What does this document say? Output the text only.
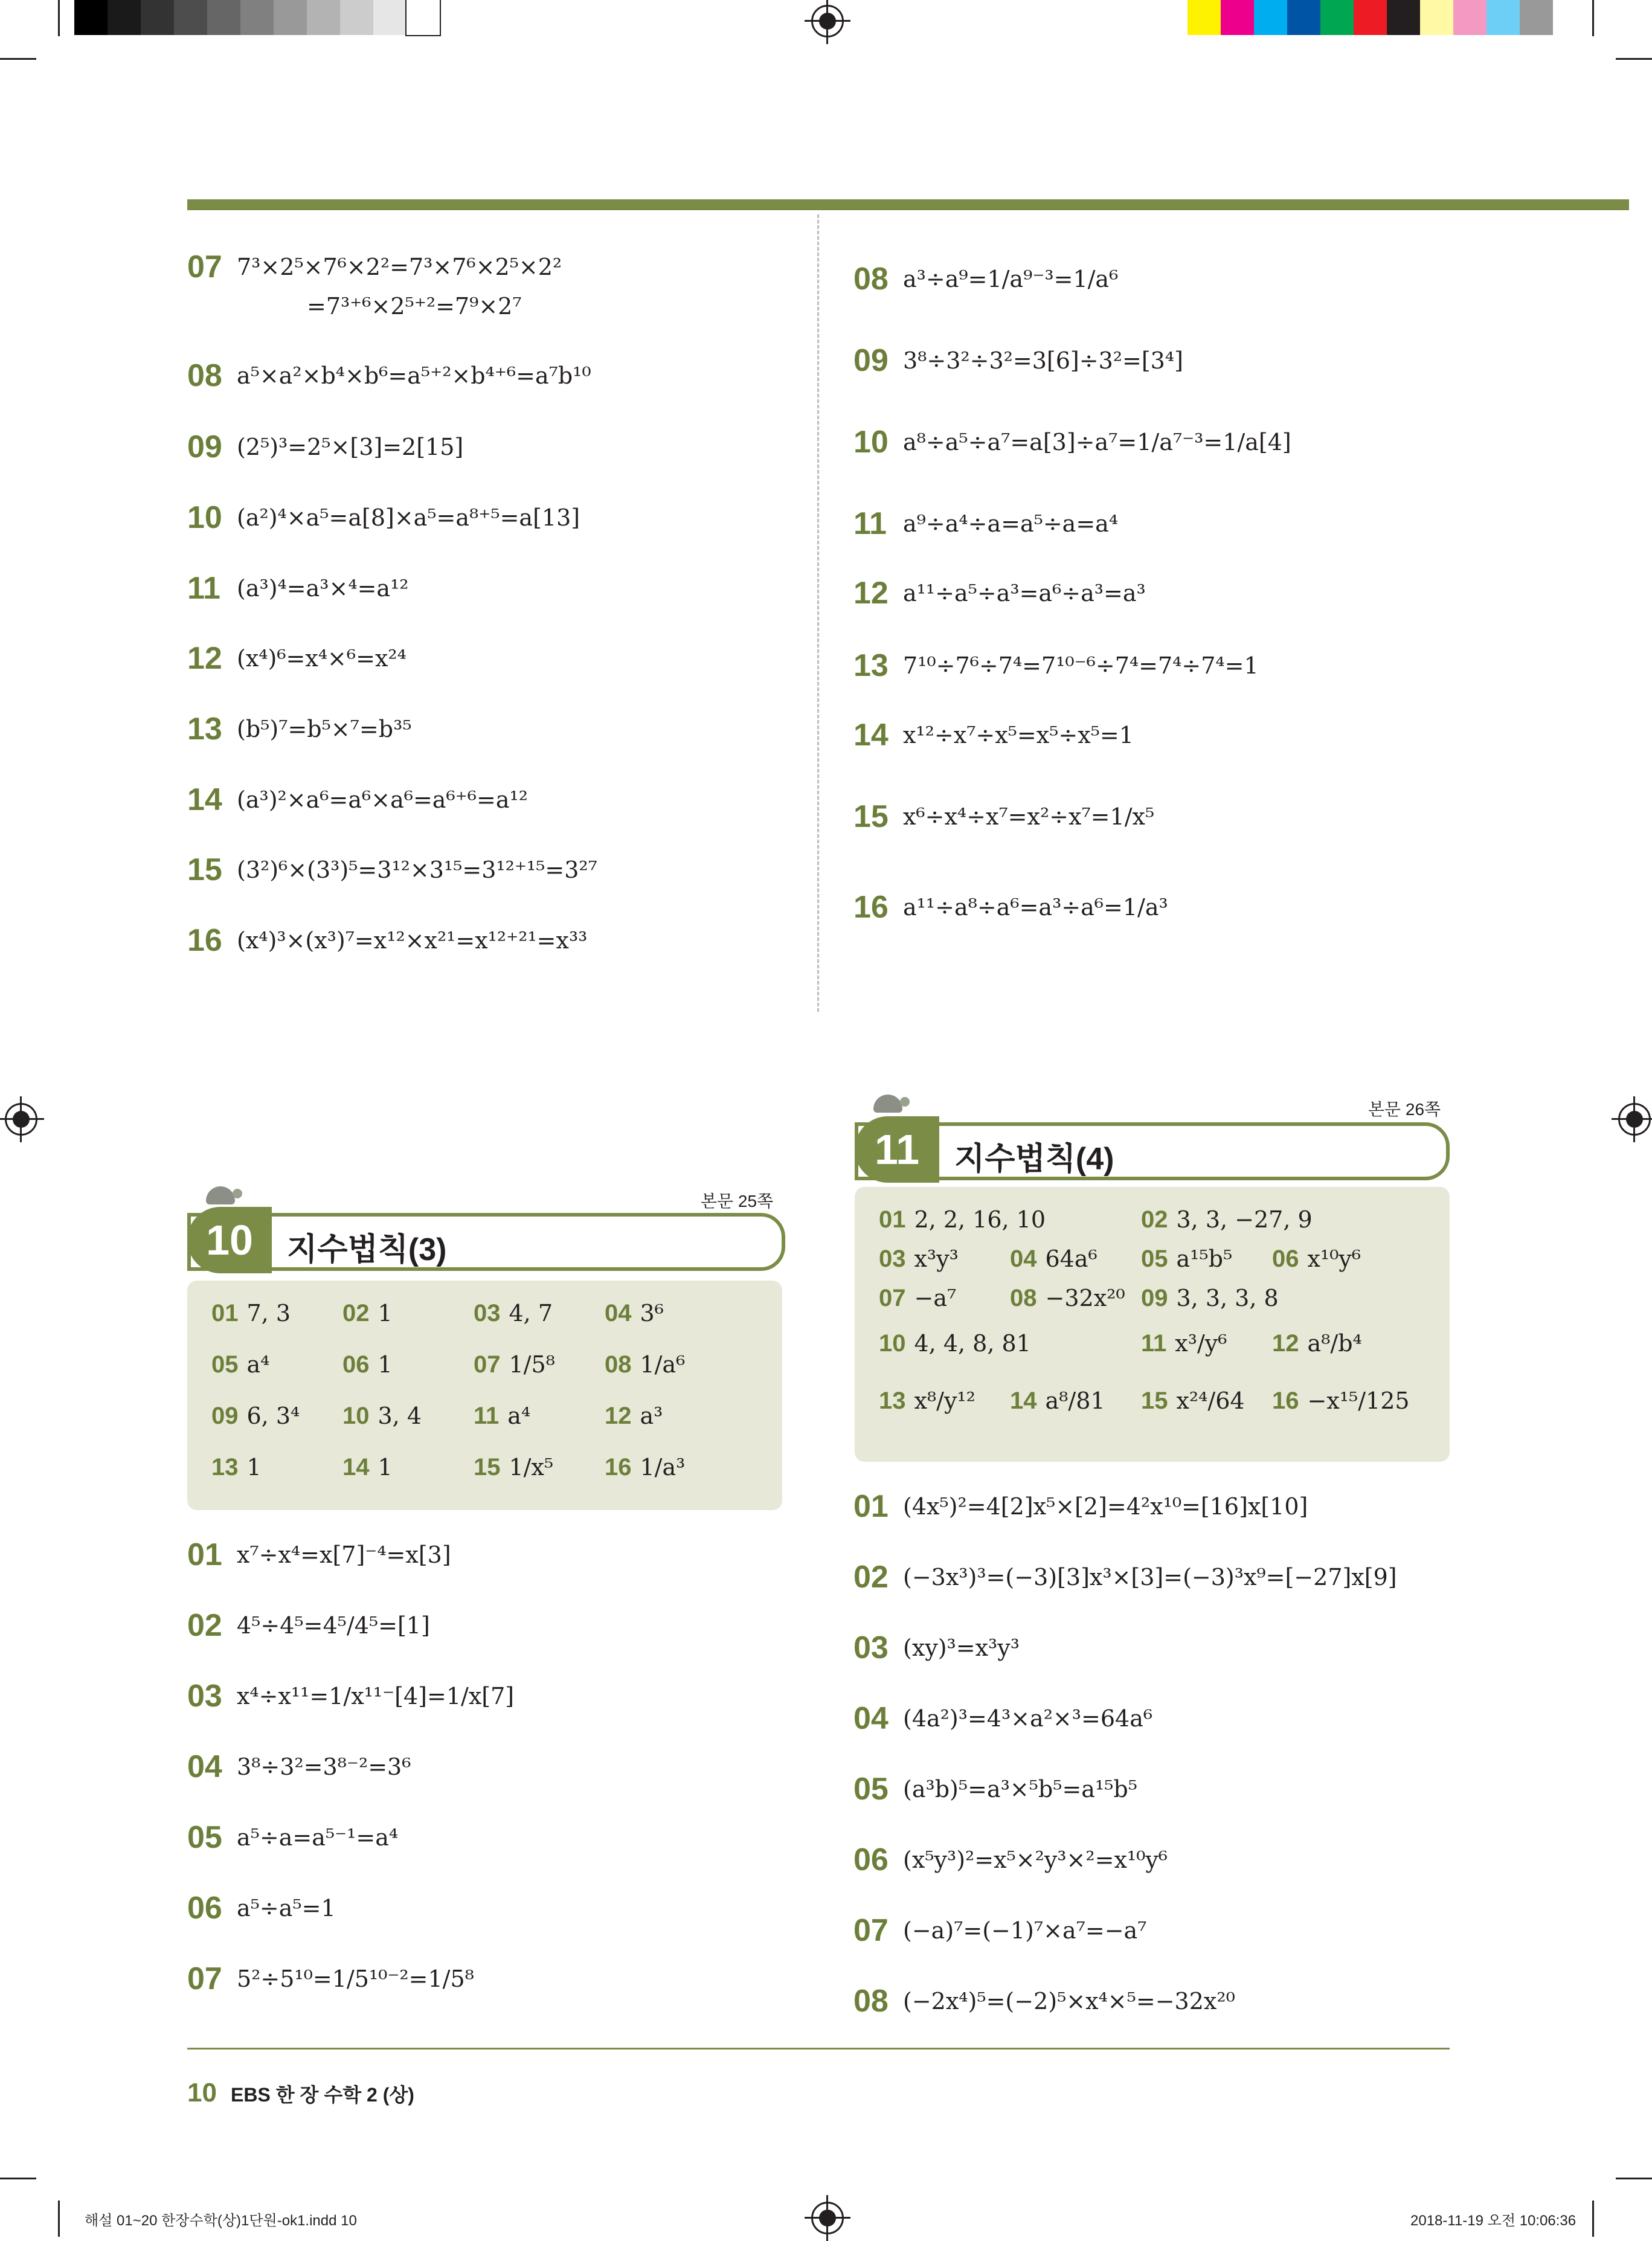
07 7³×2⁵×7⁶×2²=7³×7⁶×2⁵×2²
=7³⁺⁶×2⁵⁺²=7⁹×2⁷
08 a⁵×a²×b⁴×b⁶=a⁵⁺²×b⁴⁺⁶=a⁷b¹⁰
09 (2⁵)³=2⁵×[3]=2[15]
10 (a²)⁴×a⁵=a[8]×a⁵=a⁸⁺⁵=a[13]
11 (a³)⁴=a³×⁴=a¹²
12 (x⁴)⁶=x⁴×⁶=x²⁴
13 (b⁵)⁷=b⁵×⁷=b³⁵
14 (a³)²×a⁶=a⁶×a⁶=a⁶⁺⁶=a¹²
15 (3²)⁶×(3³)⁵=3¹²×3¹⁵=3¹²⁺¹⁵=3²⁷
16 (x⁴)³×(x³)⁷=x¹²×x²¹=x¹²⁺²¹=x³³
08 a³÷a⁹=1/a⁹⁻³=1/a⁶
09 3⁸÷3²÷3²=3[6]÷3²=[3⁴]
10 a⁸÷a⁵÷a⁷=a[3]÷a⁷=1/a⁷⁻³=1/a[4]
11 a⁹÷a⁴÷a=a⁵÷a=a⁴
12 a¹¹÷a⁵÷a³=a⁶÷a³=a³
13 7¹⁰÷7⁶÷7⁴=7¹⁰⁻⁶÷7⁴=7⁴÷7⁴=1
14 x¹²÷x⁷÷x⁵=x⁵÷x⁵=1
15 x⁶÷x⁴÷x⁷=x²÷x⁷=1/x⁵
16 a¹¹÷a⁸÷a⁶=a³÷a⁶=1/a³
본문 25쪽
10	지수법칙(3)
01 7, 3 02 1	03 4, 7 04 3⁶
05 a⁴	06 1	07 1/5⁸ 08 1/a⁶
09 6, 3⁴ 10 3, 4 11 a⁴	12 a³
13 1	14 1	15 1/x⁵ 16 1/a³
01 x⁷÷x⁴=x[7]⁻⁴=x[3]
02 4⁵÷4⁵=4⁵/4⁵=[1]
03 x⁴÷x¹¹=1/x¹¹⁻[4]=1/x[7]
04 3⁸÷3²=3⁸⁻²=3⁶
05 a⁵÷a=a⁵⁻¹=a⁴
06 a⁵÷a⁵=1
07 5²÷5¹⁰=1/5¹⁰⁻²=1/5⁸
본문 26쪽
11	지수법칙(4)
01 2, 2, 16, 10	02 3, 3, −27, 9
03 x³y³ 04 64a⁶ 05 a¹⁵b⁵ 06 x¹⁰y⁶
07 −a⁷ 08 −32x²⁰ 09 3, 3, 3, 8
10 4, 4, 8, 81	11 x³/y⁶ 12 a⁸/b⁴
13 x⁸/y¹² 14 a⁸/81 15 x²⁴/64 16 −x¹⁵/125
01 (4x⁵)²=4[2]x⁵×[2]=4²x¹⁰=[16]x[10]
02 (−3x³)³=(−3)[3]x³×[3]=(−3)³x⁹=[−27]x[9]
03 (xy)³=x³y³
04 (4a²)³=4³×a²×³=64a⁶
05 (a³b)⁵=a³×⁵b⁵=a¹⁵b⁵
06 (x⁵y³)²=x⁵×²y³×²=x¹⁰y⁶
07 (−a)⁷=(−1)⁷×a⁷=−a⁷
08 (−2x⁴)⁵=(−2)⁵×x⁴×⁵=−32x²⁰
10 EBS 한 장 수학 2 (상)
해설 01~20 한장수학(상)1단원-ok1.indd 10	2018-11-19 오전 10:06:36
